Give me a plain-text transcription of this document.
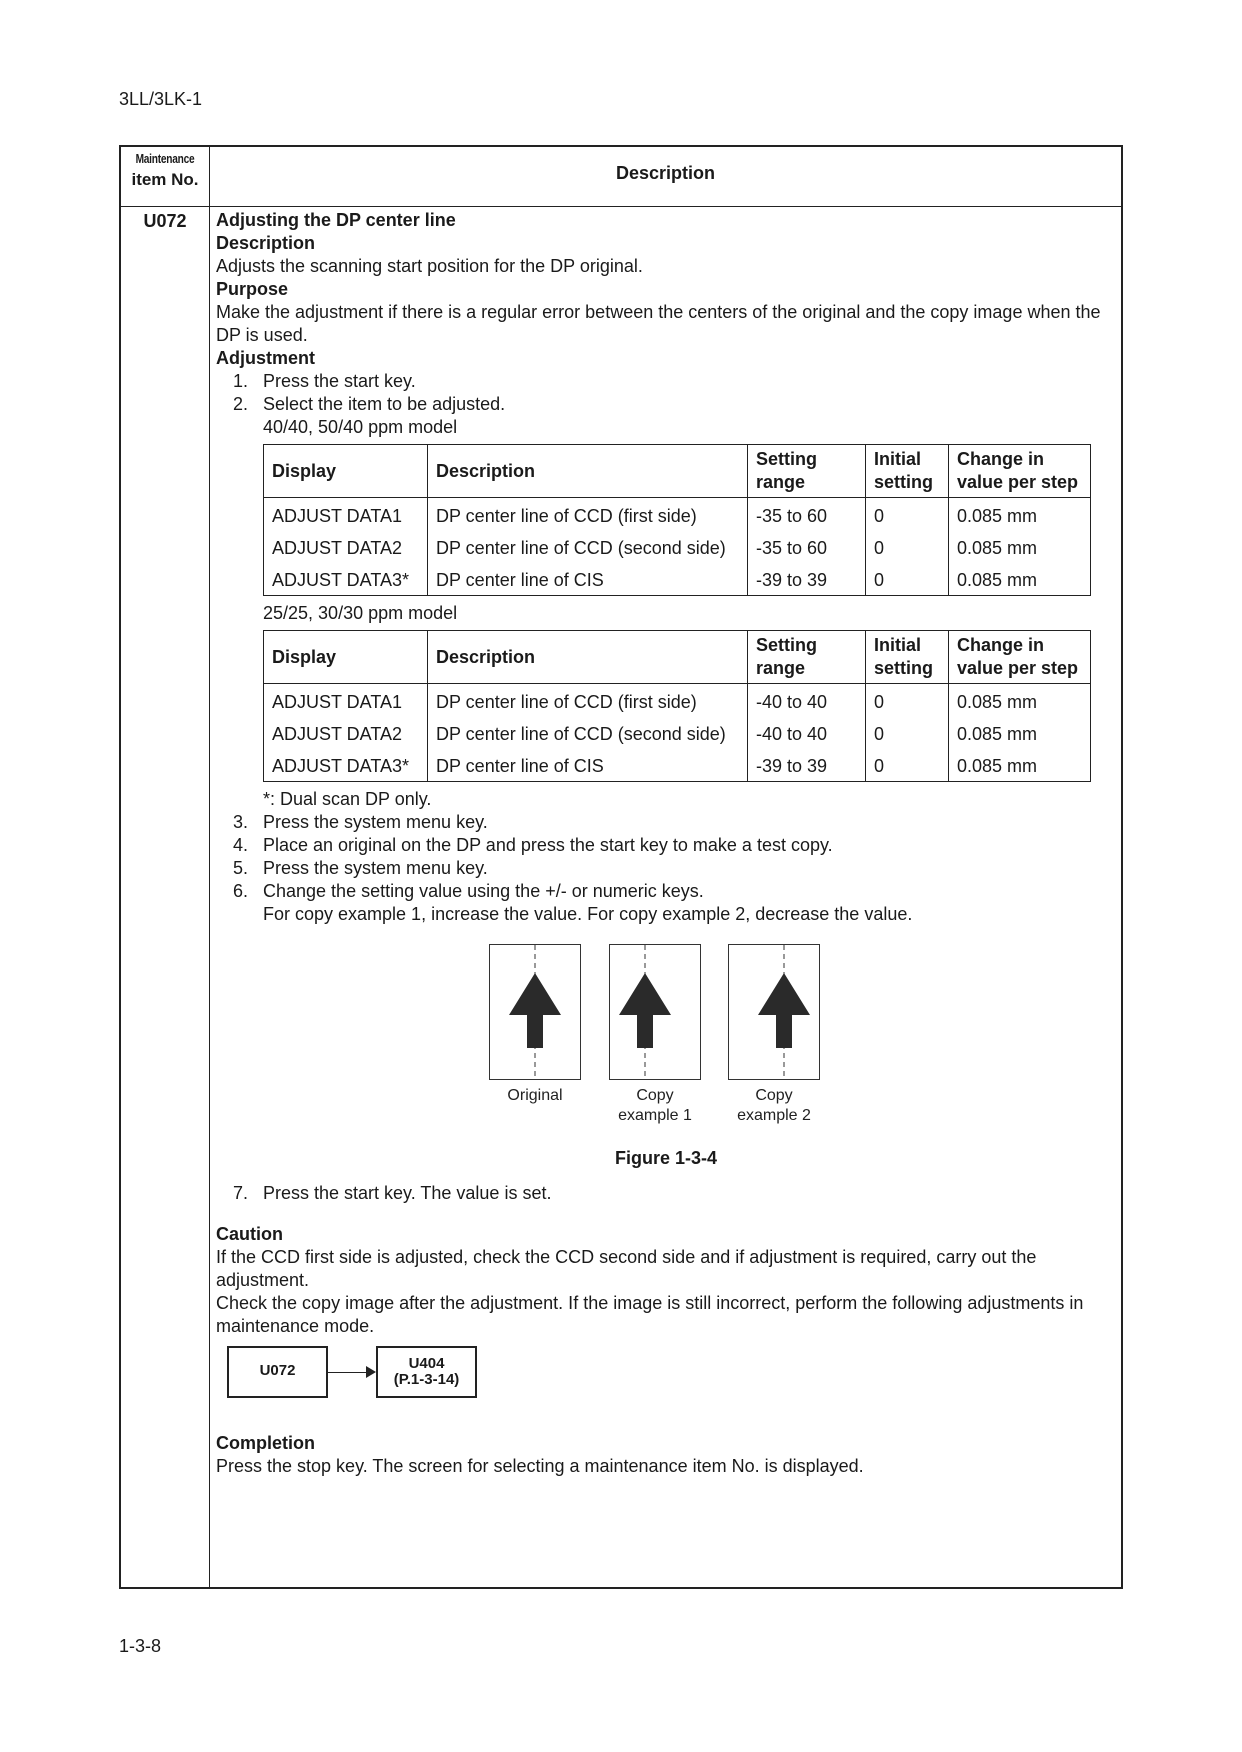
3LL/3LK-1
Maintenance
item No.	Description
U072	Adjusting the DP center line

Description

Adjusts the scanning start position for the DP original.

Purpose

Make the adjustment if there is a regular error between the centers of the original and the copy image when the DP is used.

Adjustment

1. Press the start key.
2. Select the item to be adjusted.

40/40, 50/40 ppm model

Display	Description	Setting range	Initial setting	Change in value per step
ADJUST DATA1	DP center line of CCD (first side)	-35 to 60	0	0.085 mm
ADJUST DATA2	DP center line of CCD (second side)	-35 to 60	0	0.085 mm
ADJUST DATA3*	DP center line of CIS	-39 to 39	0	0.085 mm

25/25, 30/30 ppm model

Display	Description	Setting range	Initial setting	Change in value per step
ADJUST DATA1	DP center line of CCD (first side)	-40 to 40	0	0.085 mm
ADJUST DATA2	DP center line of CCD (second side)	-40 to 40	0	0.085 mm
ADJUST DATA3*	DP center line of CIS	-39 to 39	0	0.085 mm

*: Dual scan DP only.

3. Press the system menu key.
4. Place an original on the DP and press the start key to make a test copy.
5. Press the system menu key.
6. Change the setting value using the +/- or numeric keys.

For copy example 1, increase the value. For copy example 2, decrease the value.

Original	Copy
example 1
Copy
example 2
Figure 1-3-4
7. Press the start key. The value is set.

Caution

If the CCD first side is adjusted, check the CCD second side and if adjustment is required, carry out the adjustment.

Check the copy image after the adjustment. If the image is still incorrect, perform the following adjustments in maintenance mode.

U072	U404
(P.1-3-14)

Completion

Press the stop key. The screen for selecting a maintenance item No. is displayed.

1-3-8
